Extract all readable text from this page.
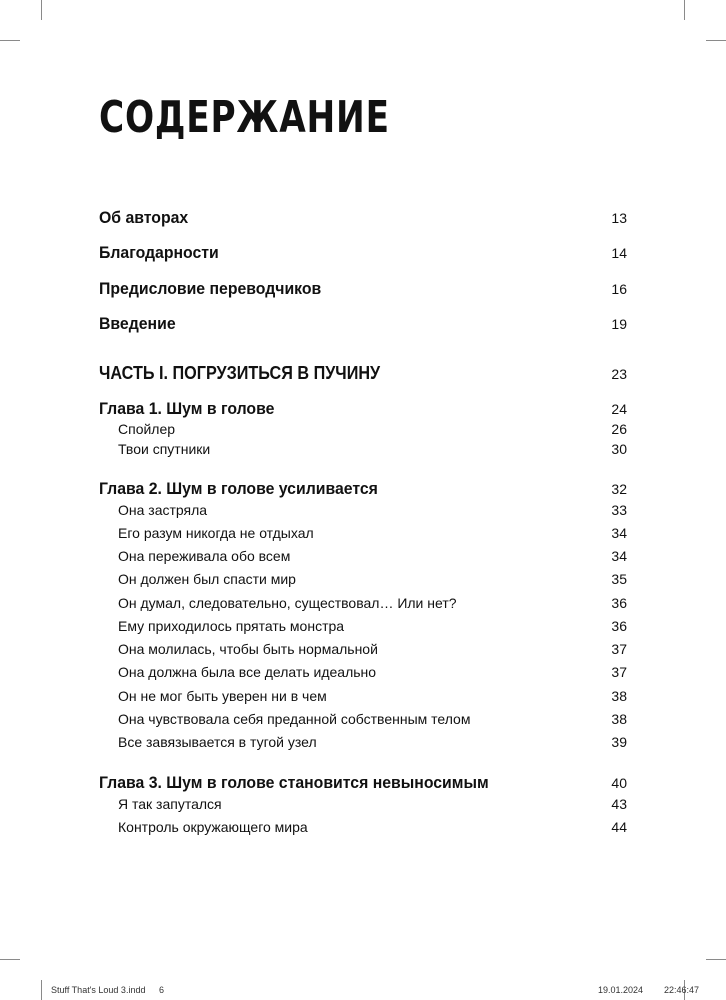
СОДЕРЖАНИЕ
Об авторах	13
Благодарности	14
Предисловие переводчиков	16
Введение	19
ЧАСТЬ I. ПОГРУЗИТЬСЯ В ПУЧИНУ	23
Глава 1. Шум в голове	24
Спойлер	26
Твои спутники	30
Глава 2. Шум в голове усиливается	32
Она застряла	33
Его разум никогда не отдыхал	34
Она переживала обо всем	34
Он должен был спасти мир	35
Он думал, следовательно, существовал… Или нет?	36
Ему приходилось прятать монстра	36
Она молилась, чтобы быть нормальной	37
Она должна была все делать идеально	37
Он не мог быть уверен ни в чем	38
Она чувствовала себя преданной собственным телом	38
Все завязывается в тугой узел	39
Глава 3. Шум в голове становится невыносимым	40
Я так запутался	43
Контроль окружающего мира	44
Stuff That's Loud 3.indd 6	19.01.2024 22:46:47
